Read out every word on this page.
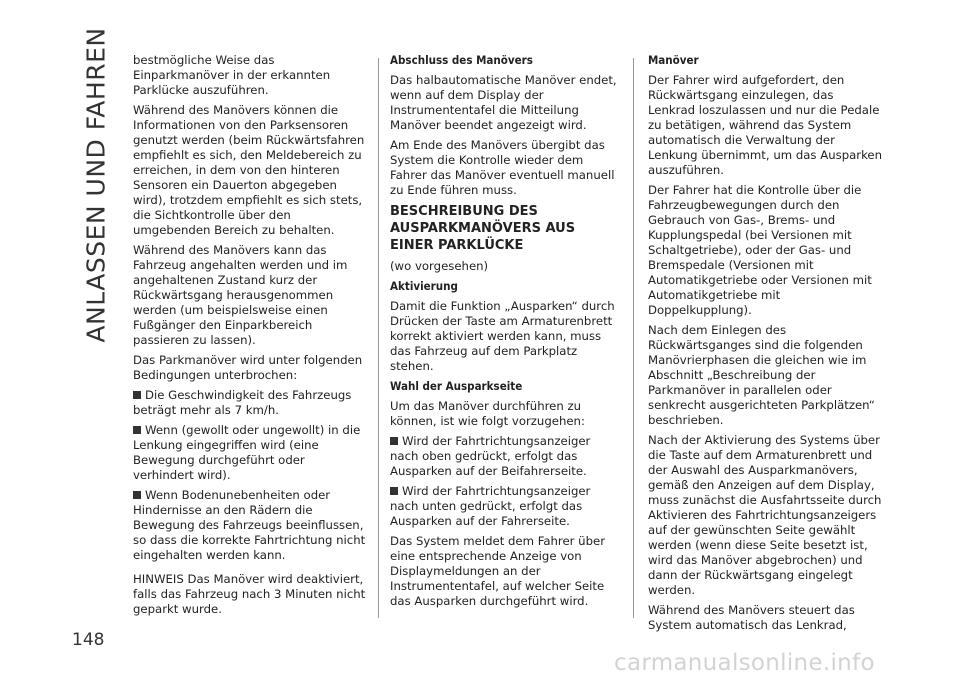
ANLASSEN UND FAHREN
148

bestmögliche Weise das Einparkmanöver in der erkannten Parklücke auszuführen.

Während des Manövers können die Informationen von den Parksensoren genutzt werden (beim Rückwärtsfahren empfiehlt es sich, den Meldebereich zu erreichen, in dem von den hinteren Sensoren ein Dauerton abgegeben wird), trotzdem empfiehlt es sich stets, die Sichtkontrolle über den umgebenden Bereich zu behalten.

Während des Manövers kann das Fahrzeug angehalten werden und im angehaltenen Zustand kurz der Rückwärtsgang herausgenommen werden (um beispielsweise einen Fußgänger den Einparkbereich passieren zu lassen).

Das Parkmanöver wird unter folgenden Bedingungen unterbrochen:

Die Geschwindigkeit des Fahrzeugs beträgt mehr als 7 km/h.

Wenn (gewollt oder ungewollt) in die Lenkung eingegriffen wird (eine Bewegung durchgeführt oder verhindert wird).

Wenn Bodenunebenheiten oder Hindernisse an den Rädern die Bewegung des Fahrzeugs beeinflussen, so dass die korrekte Fahrtrichtung nicht eingehalten werden kann.

HINWEIS Das Manöver wird deaktiviert, falls das Fahrzeug nach 3 Minuten nicht geparkt wurde.

Abschluss des Manövers

Das halbautomatische Manöver endet, wenn auf dem Display der Instrumententafel die Mitteilung Manöver beendet angezeigt wird.

Am Ende des Manövers übergibt das System die Kontrolle wieder dem Fahrer das Manöver eventuell manuell zu Ende führen muss.

BESCHREIBUNG DES AUSPARKMANÖVERS AUS EINER PARKLÜCKE

(wo vorgesehen)

Aktivierung

Damit die Funktion „Ausparken“ durch Drücken der Taste am Armaturenbrett korrekt aktiviert werden kann, muss das Fahrzeug auf dem Parkplatz stehen.

Wahl der Ausparkseite

Um das Manöver durchführen zu können, ist wie folgt vorzugehen:

Wird der Fahrtrichtungsanzeiger nach oben gedrückt, erfolgt das Ausparken auf der Beifahrerseite.

Wird der Fahrtrichtungsanzeiger nach unten gedrückt, erfolgt das Ausparken auf der Fahrerseite.

Das System meldet dem Fahrer über eine entsprechende Anzeige von Displaymeldungen an der Instrumententafel, auf welcher Seite das Ausparken durchgeführt wird.

Manöver

Der Fahrer wird aufgefordert, den Rückwärtsgang einzulegen, das Lenkrad loszulassen und nur die Pedale zu betätigen, während das System automatisch die Verwaltung der Lenkung übernimmt, um das Ausparken auszuführen.

Der Fahrer hat die Kontrolle über die Fahrzeugbewegungen durch den Gebrauch von Gas-, Brems- und Kupplungspedal (bei Versionen mit Schaltgetriebe), oder der Gas- und Bremspedale (Versionen mit Automatikgetriebe oder Versionen mit Automatikgetriebe mit Doppelkupplung).

Nach dem Einlegen des Rückwärtsganges sind die folgenden Manövrierphasen die gleichen wie im Abschnitt „Beschreibung der Parkmanöver in parallelen oder senkrecht ausgerichteten Parkplätzen“ beschrieben.

Nach der Aktivierung des Systems über die Taste auf dem Armaturenbrett und der Auswahl des Ausparkmanövers, gemäß den Anzeigen auf dem Display, muss zunächst die Ausfahrtsseite durch Aktivieren des Fahrtrichtungsanzeigers auf der gewünschten Seite gewählt werden (wenn diese Seite besetzt ist, wird das Manöver abgebrochen) und dann der Rückwärtsgang eingelegt werden.

Während des Manövers steuert das System automatisch das Lenkrad,

carmanualsonline.info
